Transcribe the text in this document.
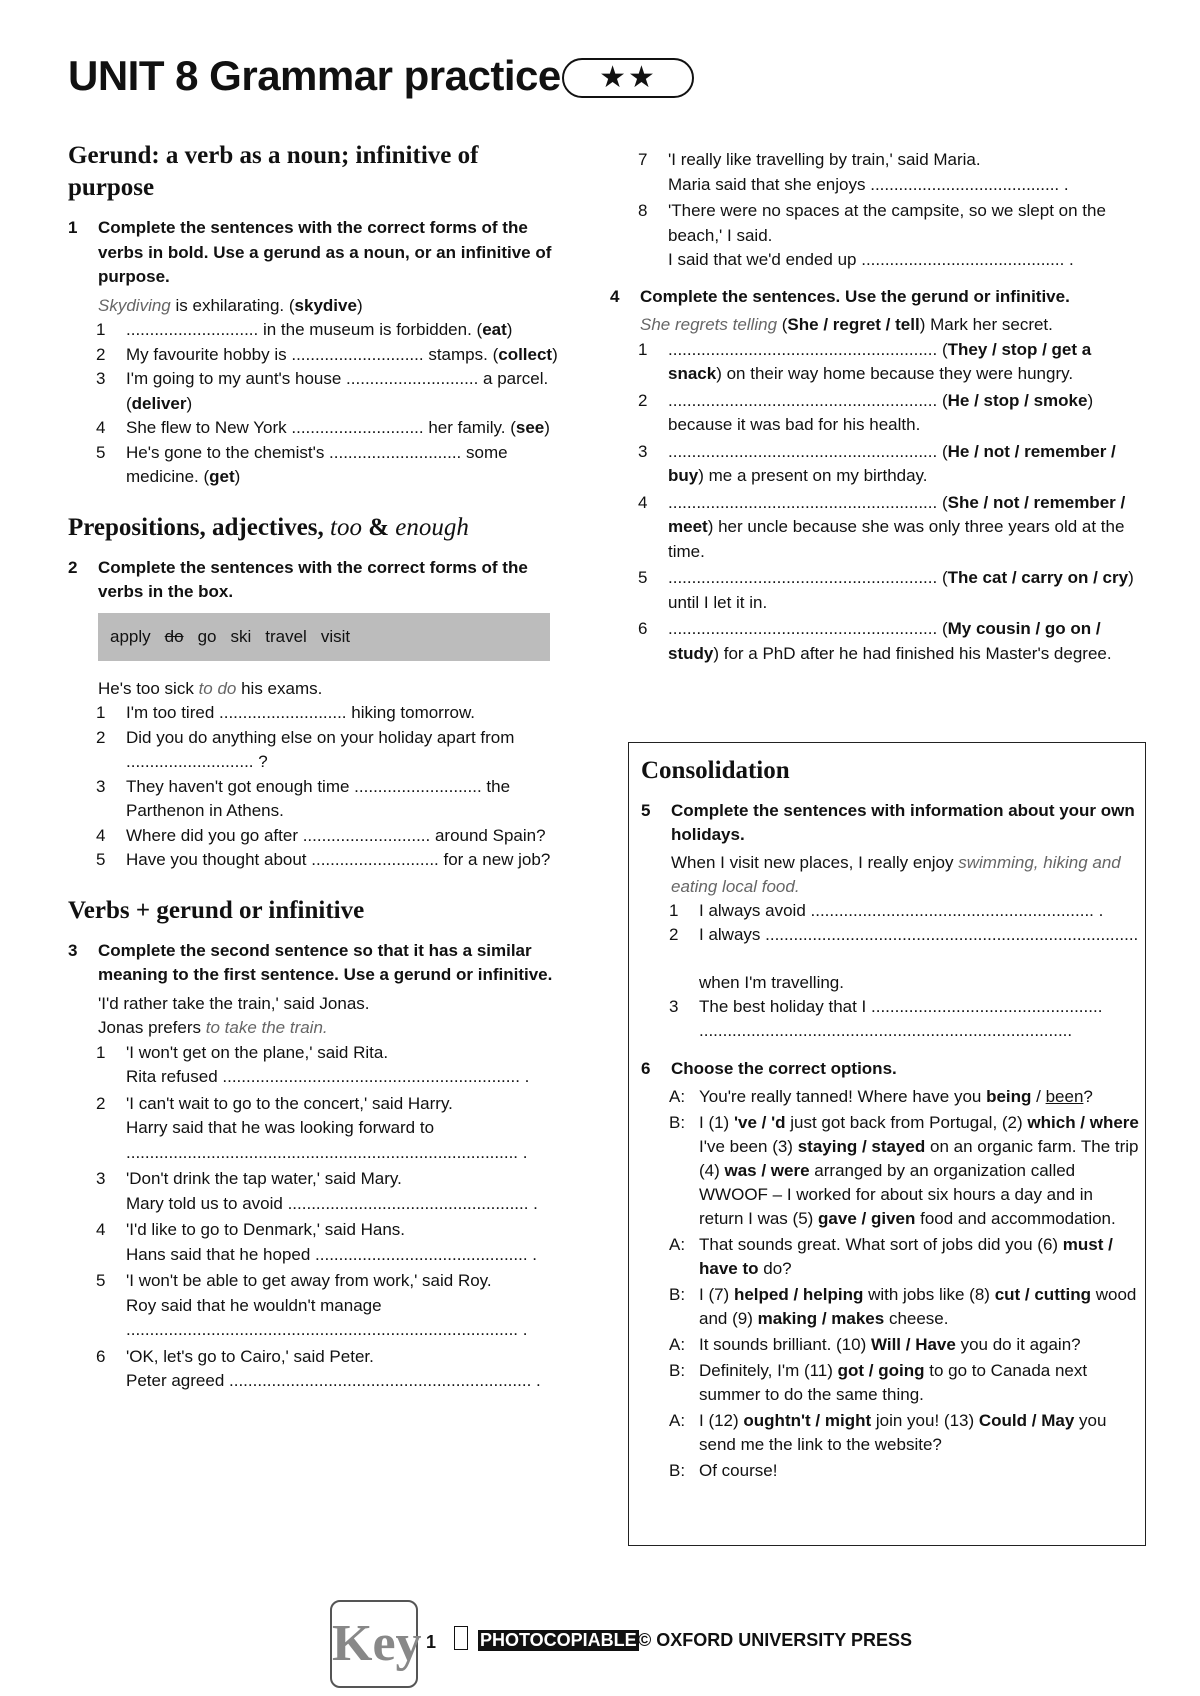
UNIT 8 Grammar practice	★★
Gerund: a verb as a noun; infinitive of purpose
1 Complete the sentences with the correct forms of the verbs in bold. Use a gerund as a noun, or an infinitive of purpose.
Skydiving is exhilarating. (skydive)
1 ............................ in the museum is forbidden. (eat)
2 My favourite hobby is ............................ stamps. (collect)
3 I'm going to my aunt's house ............................ a parcel. (deliver)
4 She flew to New York ............................ her family. (see)
5 He's gone to the chemist's ............................ some medicine. (get)
Prepositions, adjectives, too & enough
2 Complete the sentences with the correct forms of the verbs in the box.
apply do go ski travel visit
He's too sick to do his exams.
1 I'm too tired ........................... hiking tomorrow.
2 Did you do anything else on your holiday apart from ........................... ?
3 They haven't got enough time ........................... the Parthenon in Athens.
4 Where did you go after ........................... around Spain?
5 Have you thought about ........................... for a new job?
Verbs + gerund or infinitive
3 Complete the second sentence so that it has a similar meaning to the first sentence. Use a gerund or infinitive.
'I'd rather take the train,' said Jonas.
Jonas prefers to take the train.
1 'I won't get on the plane,' said Rita.
Rita refused ............................................................... .
2 'I can't wait to go to the concert,' said Harry.
Harry said that he was looking forward to ................................................................................... .
3 'Don't drink the tap water,' said Mary.
Mary told us to avoid ................................................... .
4 'I'd like to go to Denmark,' said Hans.
Hans said that he hoped ............................................. .
5 'I won't be able to get away from work,' said Roy.
Roy said that he wouldn't manage ................................................................................... .
6 'OK, let's go to Cairo,' said Peter.
Peter agreed ................................................................ .
7 'I really like travelling by train,' said Maria.
Maria said that she enjoys ........................................ .
8 'There were no spaces at the campsite, so we slept on the beach,' I said.
I said that we'd ended up ........................................... .
4 Complete the sentences. Use the gerund or infinitive.
She regrets telling (She / regret / tell) Mark her secret.
1 ......................................................... (They / stop / get a snack) on their way home because they were hungry.
2 ......................................................... (He / stop / smoke) because it was bad for his health.
3 ......................................................... (He / not / remember / buy) me a present on my birthday.
4 ......................................................... (She / not / remember / meet) her uncle because she was only three years old at the time.
5 ......................................................... (The cat / carry on / cry) until I let it in.
6 ......................................................... (My cousin / go on / study) for a PhD after he had finished his Master's degree.
Consolidation
5 Complete the sentences with information about your own holidays.
When I visit new places, I really enjoy swimming, hiking and eating local food.
1 I always avoid ............................................................ .
2 I always ...............................................................................

when I'm travelling.
3 The best holiday that I ................................................. ...............................................................................
6 Choose the correct options.
A: You're really tanned! Where have you being / been?
B: I (1) 've / 'd just got back from Portugal, (2) which / where I've been (3) staying / stayed on an organic farm. The trip (4) was / were arranged by an organization called WWOOF – I worked for about six hours a day and in return I was (5) gave / given food and accommodation.
A: That sounds great. What sort of jobs did you (6) must / have to do?
B: I (7) helped / helping with jobs like (8) cut / cutting wood and (9) making / makes cheese.
A: It sounds brilliant. (10) Will / Have you do it again?
B: Definitely, I'm (11) got / going to go to Canada next summer to do the same thing.
A: I (12) oughtn't / might join you! (13) Could / May you send me the link to the website?
B: Of course!
Key 1 PHOTOCOPIABLE © OXFORD UNIVERSITY PRESS
